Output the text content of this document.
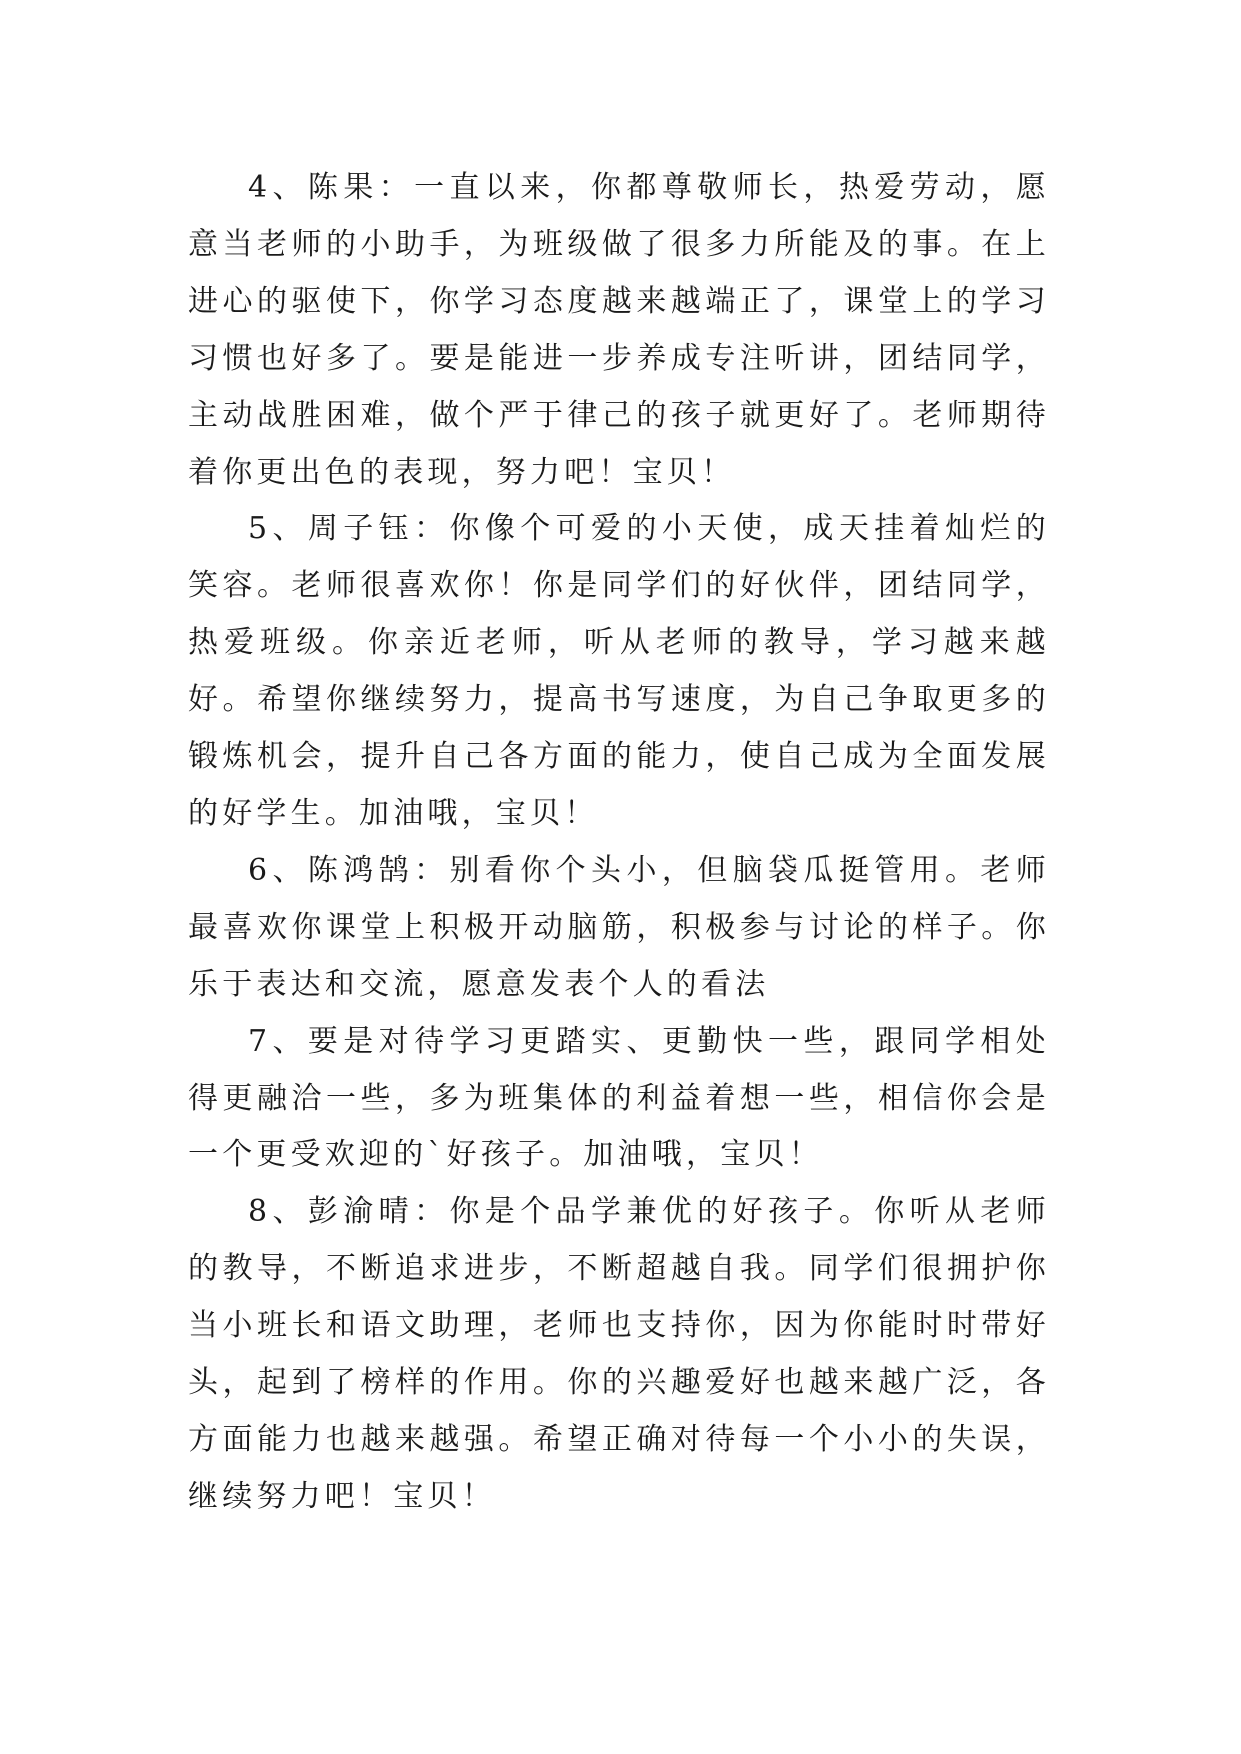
4、陈果：一直以来，你都尊敬师长，热爱劳动，愿意当老师的小助手，为班级做了很多力所能及的事。在上进心的驱使下，你学习态度越来越端正了，课堂上的学习习惯也好多了。要是能进一步养成专注听讲，团结同学，主动战胜困难，做个严于律己的孩子就更好了。老师期待着你更出色的表现，努力吧！宝贝！

5、周子钰：你像个可爱的小天使，成天挂着灿烂的笑容。老师很喜欢你！你是同学们的好伙伴，团结同学，热爱班级。你亲近老师，听从老师的教导，学习越来越好。希望你继续努力，提高书写速度，为自己争取更多的锻炼机会，提升自己各方面的能力，使自己成为全面发展的好学生。加油哦，宝贝！

6、陈鸿鹄：别看你个头小，但脑袋瓜挺管用。老师最喜欢你课堂上积极开动脑筋，积极参与讨论的样子。你乐于表达和交流，愿意发表个人的看法

7、要是对待学习更踏实、更勤快一些，跟同学相处得更融洽一些，多为班集体的利益着想一些，相信你会是一个更受欢迎的`好孩子。加油哦，宝贝！

8、彭渝晴：你是个品学兼优的好孩子。你听从老师的教导，不断追求进步，不断超越自我。同学们很拥护你当小班长和语文助理，老师也支持你，因为你能时时带好头，起到了榜样的作用。你的兴趣爱好也越来越广泛，各方面能力也越来越强。希望正确对待每一个小小的失误，继续努力吧！宝贝！
